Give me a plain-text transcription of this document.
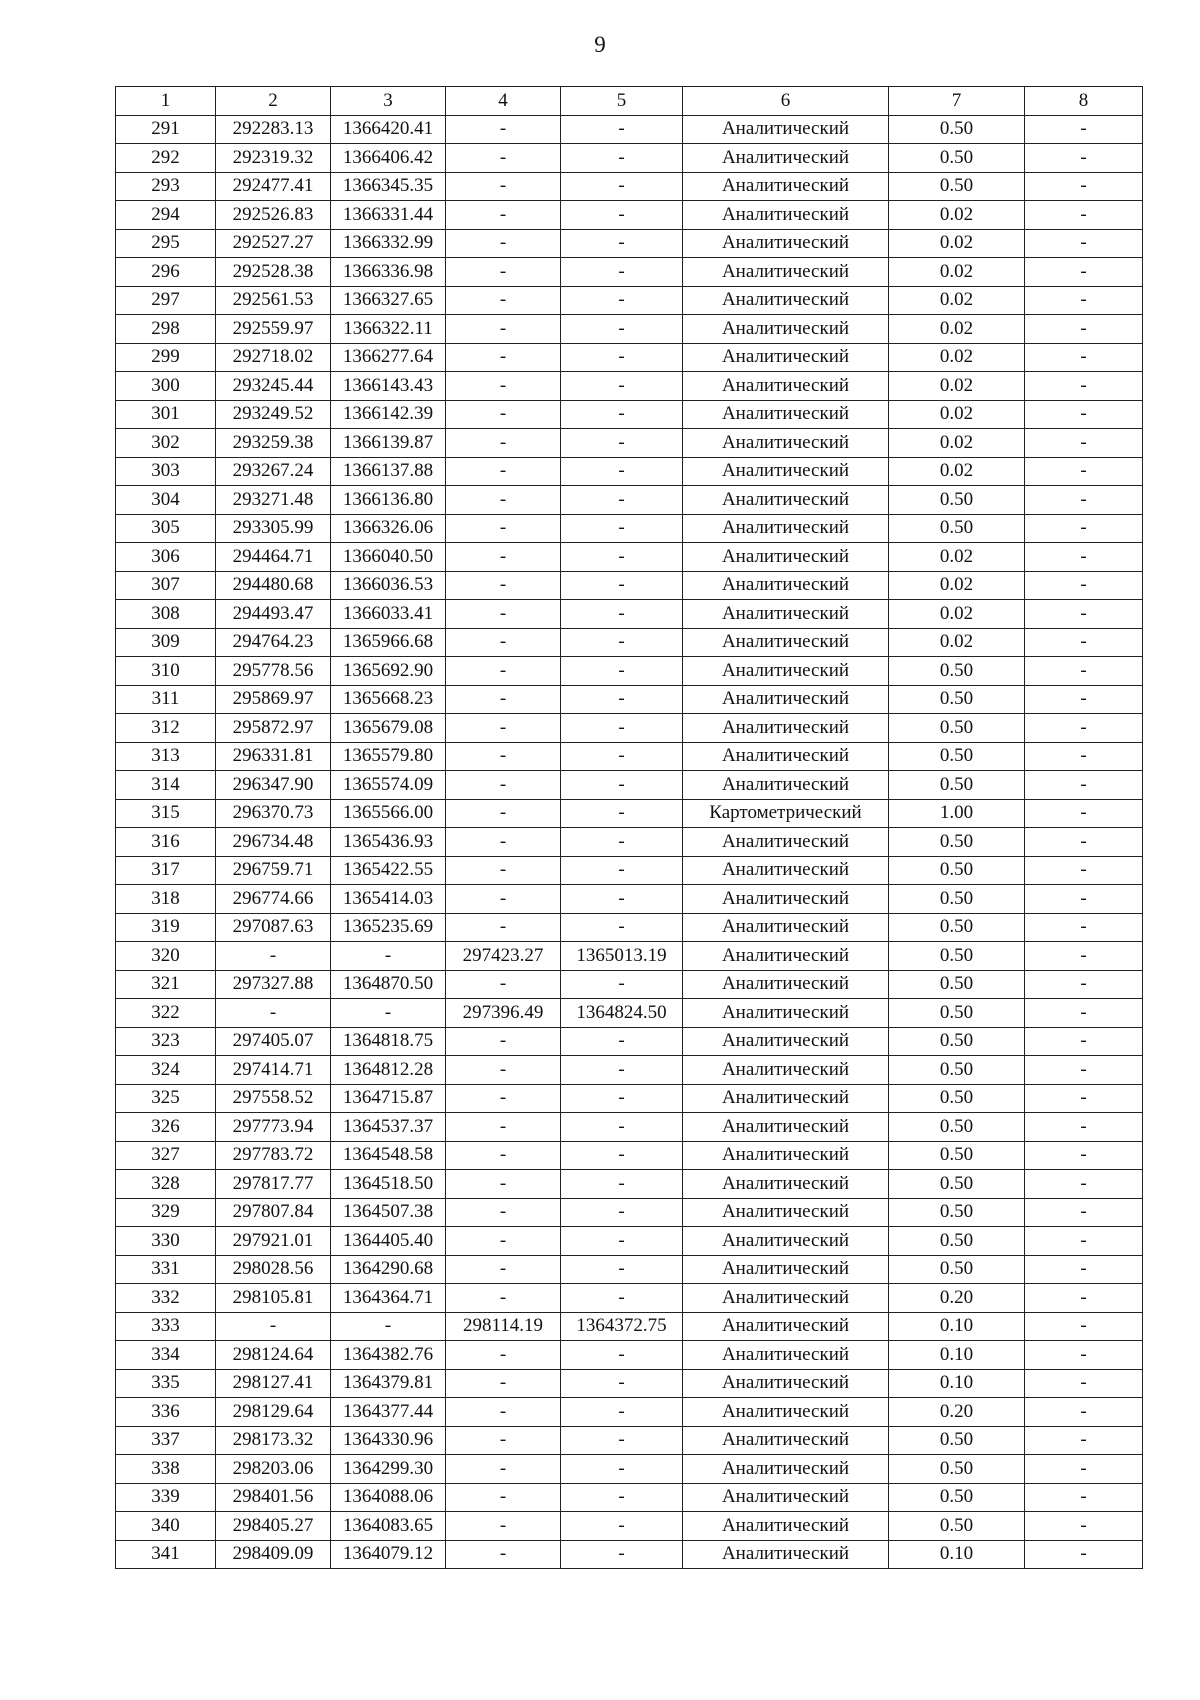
9
1	2	3	4	5	6	7	8
291	292283.13	1366420.41	-	-	Аналитический	0.50	-
292	292319.32	1366406.42	-	-	Аналитический	0.50	-
293	292477.41	1366345.35	-	-	Аналитический	0.50	-
294	292526.83	1366331.44	-	-	Аналитический	0.02	-
295	292527.27	1366332.99	-	-	Аналитический	0.02	-
296	292528.38	1366336.98	-	-	Аналитический	0.02	-
297	292561.53	1366327.65	-	-	Аналитический	0.02	-
298	292559.97	1366322.11	-	-	Аналитический	0.02	-
299	292718.02	1366277.64	-	-	Аналитический	0.02	-
300	293245.44	1366143.43	-	-	Аналитический	0.02	-
301	293249.52	1366142.39	-	-	Аналитический	0.02	-
302	293259.38	1366139.87	-	-	Аналитический	0.02	-
303	293267.24	1366137.88	-	-	Аналитический	0.02	-
304	293271.48	1366136.80	-	-	Аналитический	0.50	-
305	293305.99	1366326.06	-	-	Аналитический	0.50	-
306	294464.71	1366040.50	-	-	Аналитический	0.02	-
307	294480.68	1366036.53	-	-	Аналитический	0.02	-
308	294493.47	1366033.41	-	-	Аналитический	0.02	-
309	294764.23	1365966.68	-	-	Аналитический	0.02	-
310	295778.56	1365692.90	-	-	Аналитический	0.50	-
311	295869.97	1365668.23	-	-	Аналитический	0.50	-
312	295872.97	1365679.08	-	-	Аналитический	0.50	-
313	296331.81	1365579.80	-	-	Аналитический	0.50	-
314	296347.90	1365574.09	-	-	Аналитический	0.50	-
315	296370.73	1365566.00	-	-	Картометрический	1.00	-
316	296734.48	1365436.93	-	-	Аналитический	0.50	-
317	296759.71	1365422.55	-	-	Аналитический	0.50	-
318	296774.66	1365414.03	-	-	Аналитический	0.50	-
319	297087.63	1365235.69	-	-	Аналитический	0.50	-
320	-	-	297423.27	1365013.19	Аналитический	0.50	-
321	297327.88	1364870.50	-	-	Аналитический	0.50	-
322	-	-	297396.49	1364824.50	Аналитический	0.50	-
323	297405.07	1364818.75	-	-	Аналитический	0.50	-
324	297414.71	1364812.28	-	-	Аналитический	0.50	-
325	297558.52	1364715.87	-	-	Аналитический	0.50	-
326	297773.94	1364537.37	-	-	Аналитический	0.50	-
327	297783.72	1364548.58	-	-	Аналитический	0.50	-
328	297817.77	1364518.50	-	-	Аналитический	0.50	-
329	297807.84	1364507.38	-	-	Аналитический	0.50	-
330	297921.01	1364405.40	-	-	Аналитический	0.50	-
331	298028.56	1364290.68	-	-	Аналитический	0.50	-
332	298105.81	1364364.71	-	-	Аналитический	0.20	-
333	-	-	298114.19	1364372.75	Аналитический	0.10	-
334	298124.64	1364382.76	-	-	Аналитический	0.10	-
335	298127.41	1364379.81	-	-	Аналитический	0.10	-
336	298129.64	1364377.44	-	-	Аналитический	0.20	-
337	298173.32	1364330.96	-	-	Аналитический	0.50	-
338	298203.06	1364299.30	-	-	Аналитический	0.50	-
339	298401.56	1364088.06	-	-	Аналитический	0.50	-
340	298405.27	1364083.65	-	-	Аналитический	0.50	-
341	298409.09	1364079.12	-	-	Аналитический	0.10	-
